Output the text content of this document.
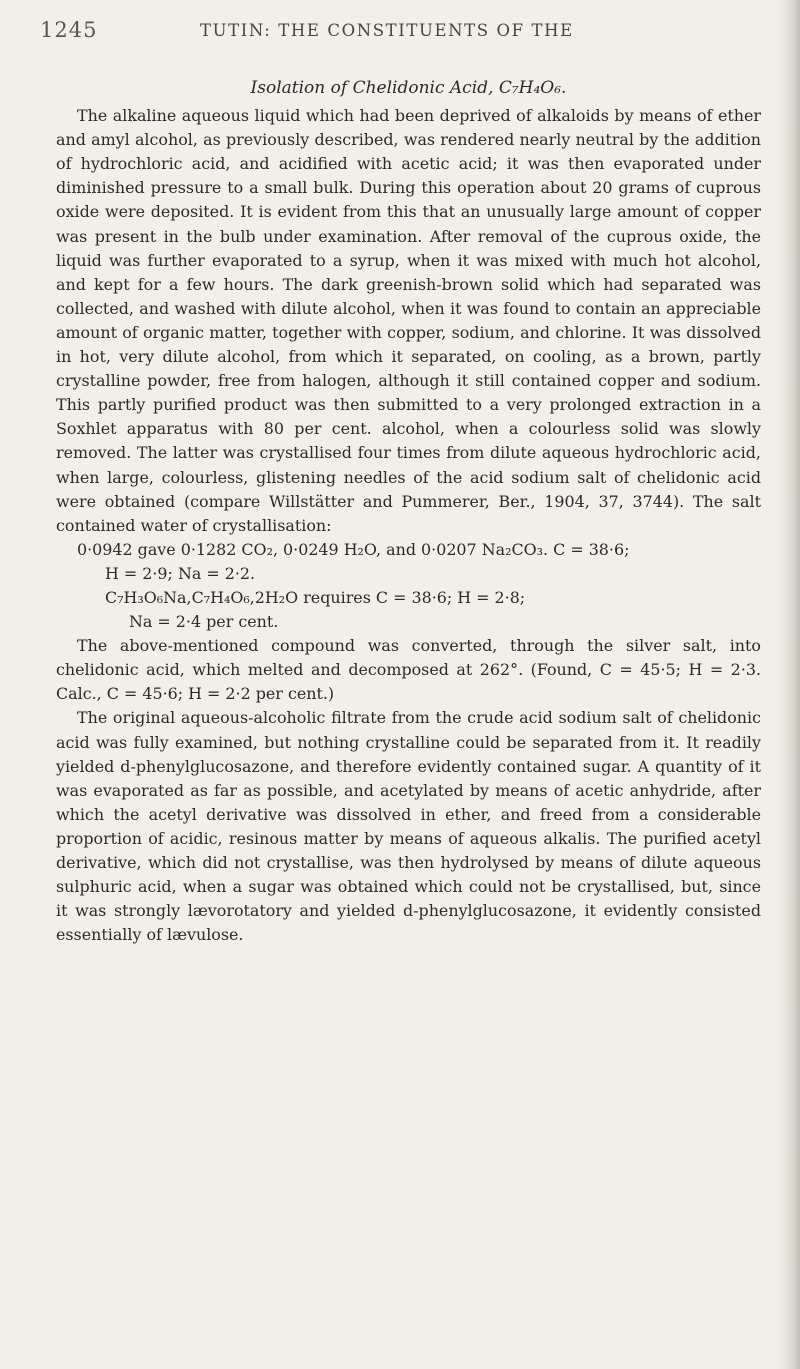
1245	TUTIN: THE CONSTITUENTS OF THE
Isolation of Chelidonic Acid, C₇H₄O₆.

The alkaline aqueous liquid which had been deprived of alkaloids by means of ether and amyl alcohol, as previously described, was rendered nearly neutral by the addition of hydrochloric acid, and acidified with acetic acid; it was then evaporated under diminished pressure to a small bulk. During this operation about 20 grams of cuprous oxide were deposited. It is evident from this that an unusually large amount of copper was present in the bulb under examination. After removal of the cuprous oxide, the liquid was further evaporated to a syrup, when it was mixed with much hot alcohol, and kept for a few hours. The dark greenish-brown solid which had separated was collected, and washed with dilute alcohol, when it was found to contain an appreciable amount of organic matter, together with copper, sodium, and chlorine. It was dissolved in hot, very dilute alcohol, from which it separated, on cooling, as a brown, partly crystalline powder, free from halogen, although it still contained copper and sodium. This partly purified product was then submitted to a very prolonged extraction in a Soxhlet apparatus with 80 per cent. alcohol, when a colourless solid was slowly removed. The latter was crystallised four times from dilute aqueous hydrochloric acid, when large, colourless, glistening needles of the acid sodium salt of chelidonic acid were obtained (compare Willstätter and Pummerer, Ber., 1904, 37, 3744). The salt contained water of crystallisation:

0·0942 gave 0·1282 CO₂, 0·0249 H₂O, and 0·0207 Na₂CO₃. C = 38·6;
H = 2·9; Na = 2·2.
C₇H₃O₆Na,C₇H₄O₆,2H₂O requires C = 38·6; H = 2·8;
Na = 2·4 per cent.

The above-mentioned compound was converted, through the silver salt, into chelidonic acid, which melted and decomposed at 262°. (Found, C = 45·5; H = 2·3. Calc., C = 45·6; H = 2·2 per cent.)

The original aqueous-alcoholic filtrate from the crude acid sodium salt of chelidonic acid was fully examined, but nothing crystalline could be separated from it. It readily yielded d-phenylglucosazone, and therefore evidently contained sugar. A quantity of it was evaporated as far as possible, and acetylated by means of acetic anhydride, after which the acetyl derivative was dissolved in ether, and freed from a considerable proportion of acidic, resinous matter by means of aqueous alkalis. The purified acetyl derivative, which did not crystallise, was then hydrolysed by means of dilute aqueous sulphuric acid, when a sugar was obtained which could not be crystallised, but, since it was strongly lævorotatory and yielded d-phenylglucosazone, it evidently consisted essentially of lævulose.
